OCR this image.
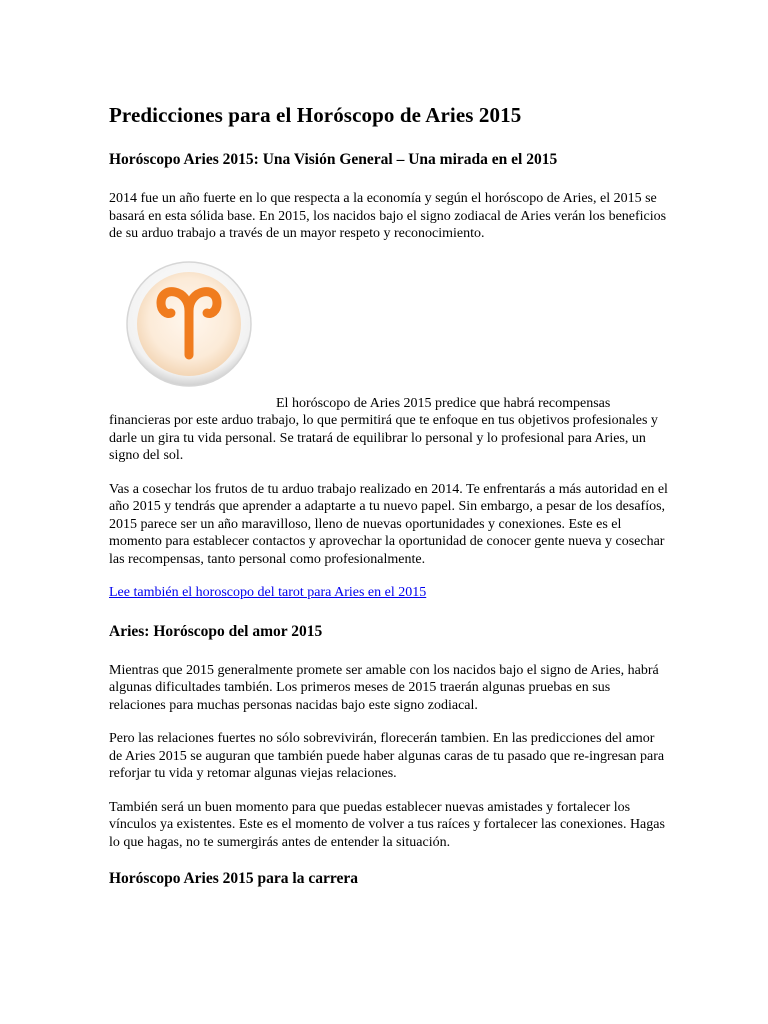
Predicciones para el Horóscopo de Aries 2015
Horóscopo Aries 2015: Una Visión General – Una mirada en el 2015

2014 fue un año fuerte en lo que respecta a la economía y según el horóscopo de Aries, el 2015 se basará en esta sólida base. En 2015, los nacidos bajo el signo zodiacal de Aries verán los beneficios de su arduo trabajo a través de un mayor respeto y reconocimiento.

El horóscopo de Aries 2015 predice que habrá recompensas financieras por este arduo trabajo, lo que permitirá que te enfoque en tus objetivos profesionales y darle un gira tu vida personal. Se tratará de equilibrar lo personal y lo profesional para Aries, un signo del sol.

Vas a cosechar los frutos de tu arduo trabajo realizado en 2014. Te enfrentarás a más autoridad en el año 2015 y tendrás que aprender a adaptarte a tu nuevo papel. Sin embargo, a pesar de los desafíos, 2015 parece ser un año maravilloso, lleno de nuevas oportunidades y conexiones. Este es el momento para establecer contactos y aprovechar la oportunidad de conocer gente nueva y cosechar las recompensas, tanto personal como profesionalmente.

Lee también el horoscopo del tarot para Aries en el 2015

Aries: Horóscopo del amor 2015

Mientras que 2015 generalmente promete ser amable con los nacidos bajo el signo de Aries, habrá algunas dificultades también. Los primeros meses de 2015 traerán algunas pruebas en sus relaciones para muchas personas nacidas bajo este signo zodiacal.

Pero las relaciones fuertes no sólo sobrevivirán, florecerán tambien. En las predicciones del amor de Aries 2015 se auguran que también puede haber algunas caras de tu pasado que re-ingresan para reforjar tu vida y retomar algunas viejas relaciones.

También será un buen momento para que puedas establecer nuevas amistades y fortalecer los vínculos ya existentes. Este es el momento de volver a tus raíces y fortalecer las conexiones. Hagas lo que hagas, no te sumergirás antes de entender la situación.

Horóscopo Aries 2015 para la carrera
